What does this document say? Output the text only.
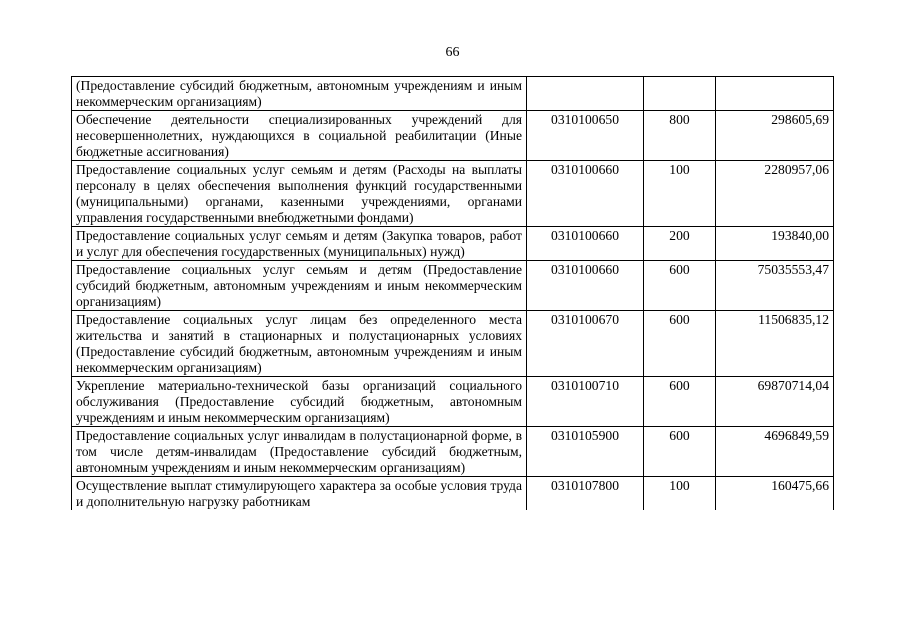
66
(Предоставление субсидий бюджетным, автономным учреждениям и иным некоммерческим организациям)			
Обеспечение деятельности специализированных учреждений для несовершеннолетних, нуждающихся в социальной реабилитации (Иные бюджетные ассигнования)	0310100650	800	298605,69
Предоставление социальных услуг семьям и детям (Расходы на выплаты персоналу в целях обеспечения выполнения функций государственными (муниципальными) органами, казенными учреждениями, органами управления государственными внебюджетными фондами)	0310100660	100	2280957,06
Предоставление социальных услуг семьям и детям (Закупка товаров, работ и услуг для обеспечения государственных (муниципальных) нужд)	0310100660	200	193840,00
Предоставление социальных услуг семьям и детям (Предоставление субсидий бюджетным, автономным учреждениям и иным некоммерческим организациям)	0310100660	600	75035553,47
Предоставление социальных услуг лицам без определенного места жительства и занятий в стационарных и полустационарных условиях (Предоставление субсидий бюджетным, автономным учреждениям и иным некоммерческим организациям)	0310100670	600	11506835,12
Укрепление материально-технической базы организаций социального обслуживания (Предоставление субсидий бюджетным, автономным учреждениям и иным некоммерческим организациям)	0310100710	600	69870714,04
Предоставление социальных услуг инвалидам в полустационарной форме, в том числе детям-инвалидам (Предоставление субсидий бюджетным, автономным учреждениям и иным некоммерческим организациям)	0310105900	600	4696849,59
Осуществление выплат стимулирующего характера за особые условия труда и дополнительную нагрузку работникам	0310107800	100	160475,66
